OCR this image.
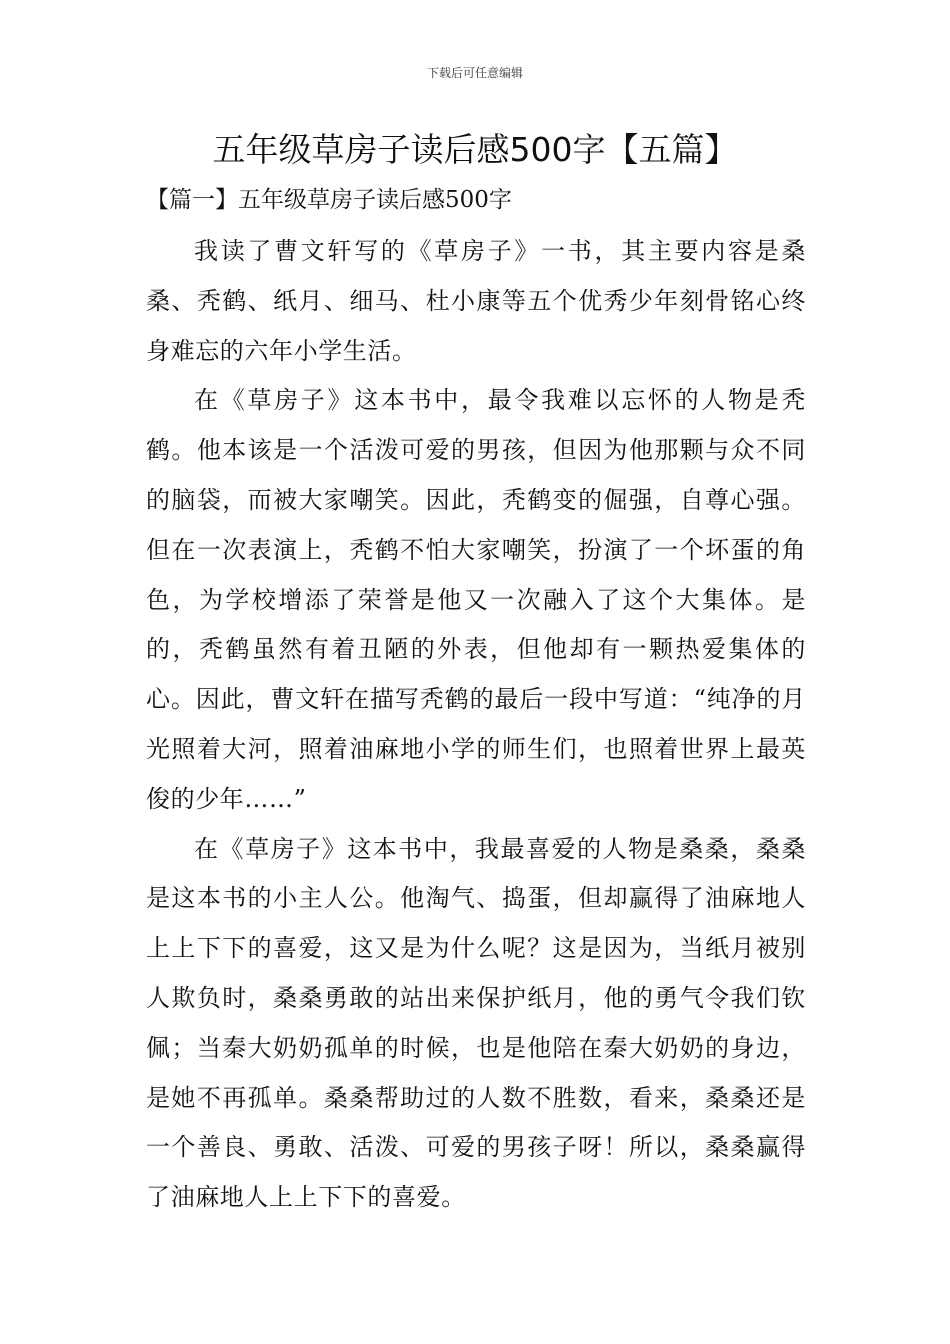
下载后可任意编辑
五年级草房子读后感500字【五篇】
【篇一】五年级草房子读后感500字

我读了曹文轩写的《草房子》一书，其主要内容是桑桑、秃鹤、纸月、细马、杜小康等五个优秀少年刻骨铭心终身难忘的六年小学生活。

在《草房子》这本书中，最令我难以忘怀的人物是秃鹤。他本该是一个活泼可爱的男孩，但因为他那颗与众不同的脑袋，而被大家嘲笑。因此，秃鹤变的倔强，自尊心强。但在一次表演上，秃鹤不怕大家嘲笑，扮演了一个坏蛋的角色，为学校增添了荣誉是他又一次融入了这个大集体。是的，秃鹤虽然有着丑陋的外表，但他却有一颗热爱集体的心。因此，曹文轩在描写秃鹤的最后一段中写道：“纯净的月光照着大河，照着油麻地小学的师生们，也照着世界上最英俊的少年……”

在《草房子》这本书中，我最喜爱的人物是桑桑，桑桑是这本书的小主人公。他淘气、捣蛋，但却赢得了油麻地人上上下下的喜爱，这又是为什么呢？这是因为，当纸月被别人欺负时，桑桑勇敢的站出来保护纸月，他的勇气令我们钦佩；当秦大奶奶孤单的时候，也是他陪在秦大奶奶的身边，是她不再孤单。桑桑帮助过的人数不胜数，看来，桑桑还是一个善良、勇敢、活泼、可爱的男孩子呀！所以，桑桑赢得了油麻地人上上下下的喜爱。
